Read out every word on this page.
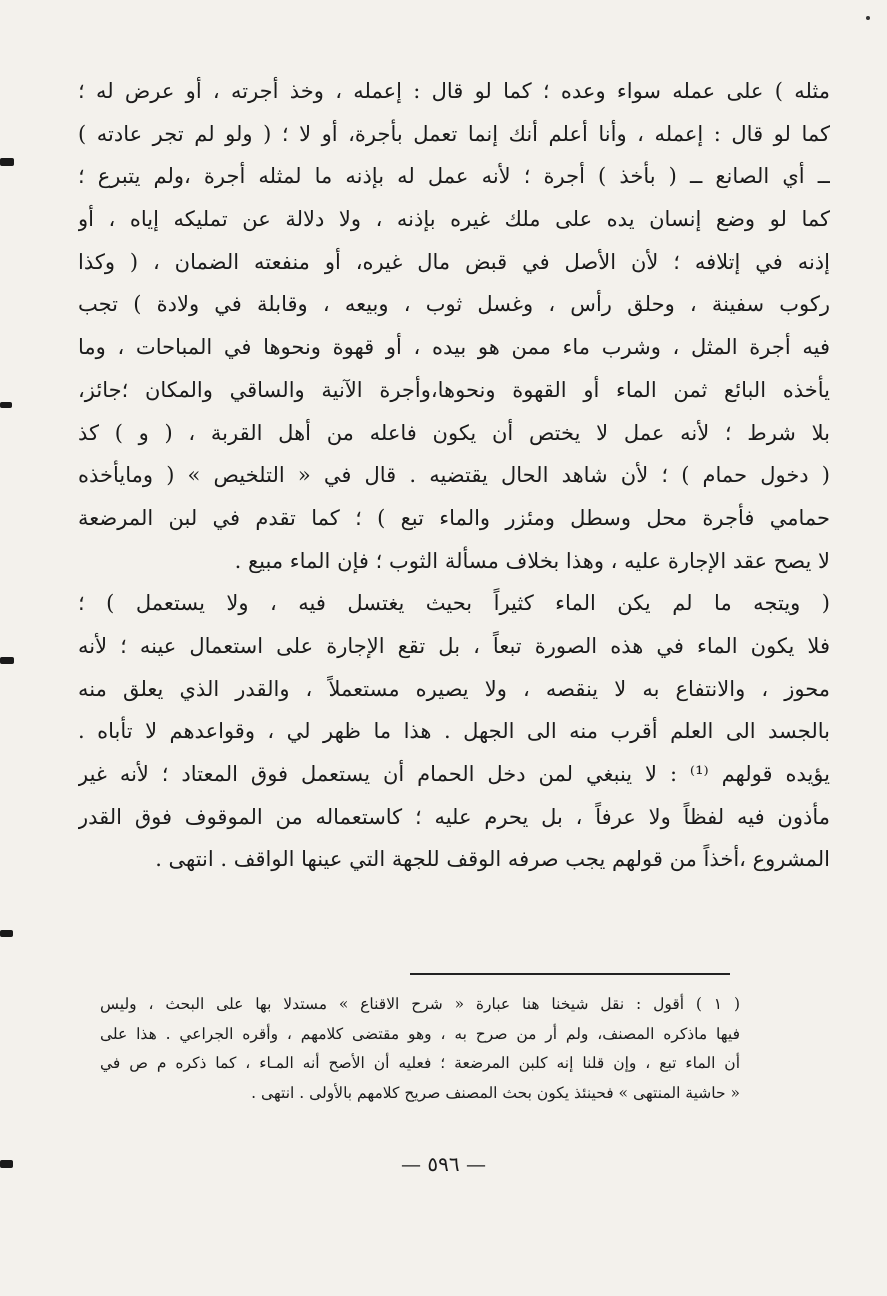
مثله ) على عمله سواء وعده ؛ كما لو قال : إعمله ، وخذ أجرته ، أو عرض له ؛
كما لو قال : إعمله ، وأنا أعلم أنك إنما تعمل بأجرة، أو لا ؛ ( ولو لم تجر عادته )
ــ أي الصانع ــ ( بأخذ ) أجرة ؛ لأنه عمل له بإذنه ما لمثله أجرة ،ولم يتبرع ؛
كما لو وضع إنسان يده على ملك غيره بإذنه ، ولا دلالة عن تمليكه إياه ، أو
إذنه في إتلافه ؛ لأن الأصل في قبض مال غيره، أو منفعته الضمان ، ( وكذا
ركوب سفينة ، وحلق رأس ، وغسل ثوب ، وبيعه ، وقابلة في ولادة ) تجب
فيه أجرة المثل ، وشرب ماء ممن هو بيده ، أو قهوة ونحوها في المباحات ، وما
يأخذه البائع ثمن الماء أو القهوة ونحوها،وأجرة الآنية والساقي والمكان ؛جائز،
بلا شرط ؛ لأنه عمل لا يختص أن يكون فاعله من أهل القربة ، ( و ) كذ
( دخول حمام ) ؛ لأن شاهد الحال يقتضيه . قال في « التلخيص » ( ومايأخذه
حمامي فأجرة محل وسطل ومئزر والماء تبع ) ؛ كما تقدم في لبن المرضعة
لا يصح عقد الإجارة عليه ، وهذا بخلاف مسألة الثوب ؛ فإن الماء مبيع .
( ويتجه ما لم يكن الماء كثيراً بحيث يغتسل فيه ، ولا يستعمل ) ؛
فلا يكون الماء في هذه الصورة تبعاً ، بل تقع الإجارة على استعمال عينه ؛ لأنه
محوز ، والانتفاع به لا ينقصه ، ولا يصيره مستعملاً ، والقدر الذي يعلق منه
بالجسد الى العلم أقرب منه الى الجهل . هذا ما ظهر لي ، وقواعدهم لا تأباه .
يؤيده قولهم ⁽¹⁾ : لا ينبغي لمن دخل الحمام أن يستعمل فوق المعتاد ؛ لأنه غير
مأذون فيه لفظاً ولا عرفاً ، بل يحرم عليه ؛ كاستعماله من الموقوف فوق القدر
المشروع ،أخذاً من قولهم يجب صرفه الوقف للجهة التي عينها الواقف . انتهى .
( ١ ) أقول : نقل شيخنا هنا عبارة « شرح الاقناع » مستدلا بها على البحث ، وليس
فيها ماذكره المصنف، ولم أر من صرح به ، وهو مقتضى كلامهم ، وأقره الجراعي . هذا على
أن الماء تبع ، وإن قلنا إنه كلبن المرضعة ؛ فعليه أن الأصح أنه المـاء ، كما ذكره م ص في
« حاشية المنتهى » فحينئذ يكون بحث المصنف صريح كلامهم بالأولى . انتهى .
— ٥٩٦ —
